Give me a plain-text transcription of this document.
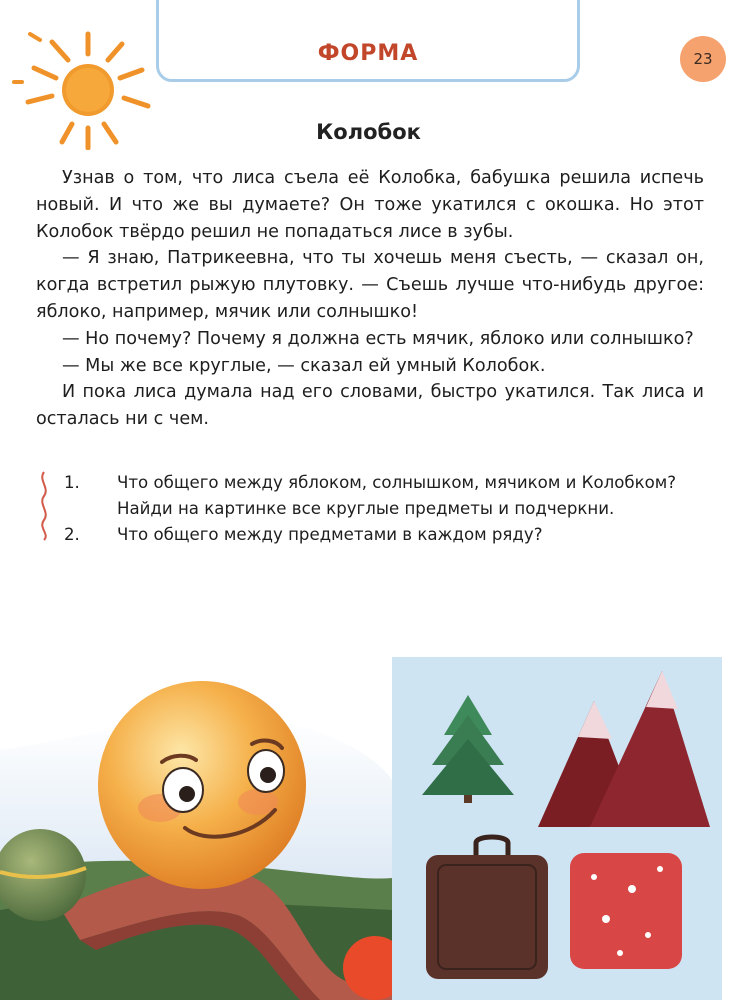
ФОРМА	23
Колобок

Узнав о том, что лиса съела её Колобка, бабушка решила испечь новый. И что же вы думаете? Он тоже укатился с окошка. Но этот Колобок твёрдо решил не попадаться лисе в зубы.

— Я знаю, Патрикеевна, что ты хочешь меня съесть, — сказал он, когда встретил рыжую плутовку. — Съешь лучше что-нибудь другое: яблоко, например, мячик или солнышко!

— Но почему? Почему я должна есть мячик, яблоко или солнышко?

— Мы же все круглые, — сказал ей умный Колобок.

И пока лиса думала над его словами, быстро укатился. Так лиса и осталась ни с чем.

1.	Что общего между яблоком, солнышком, мячиком и Колобком? Найди на картинке все круглые предметы и подчеркни.
2.	Что общего между предметами в каждом ряду?
